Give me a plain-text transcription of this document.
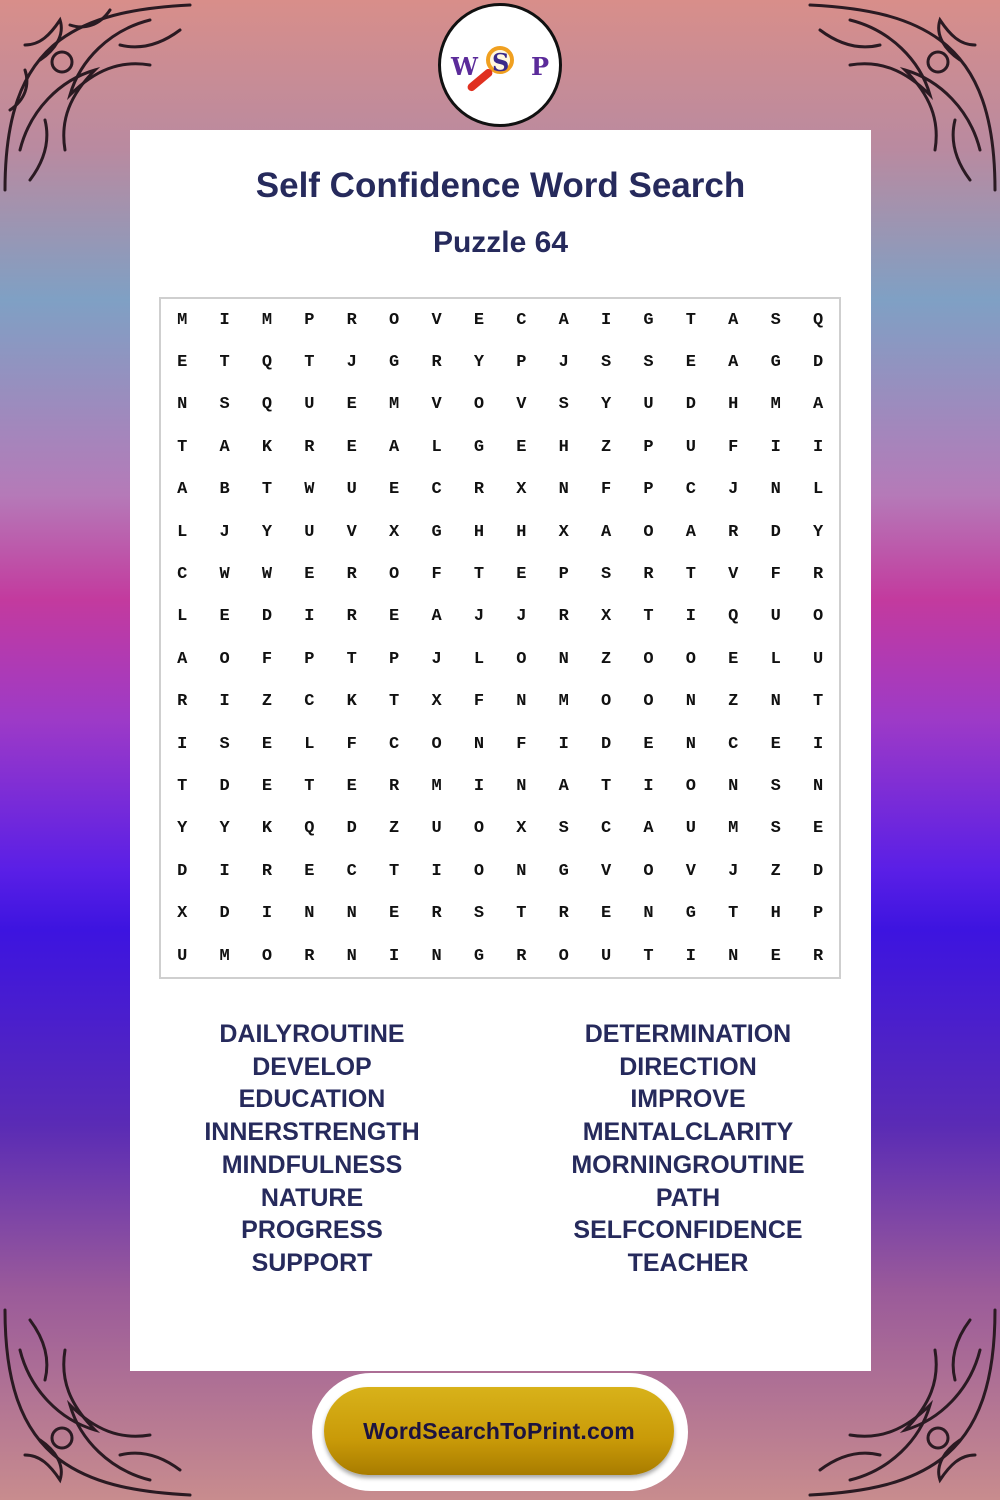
W S P
Self Confidence Word Search
Puzzle 64
M	I	M	P	R	O	V	E	C	A	I	G	T	A	S	Q
E	T	Q	T	J	G	R	Y	P	J	S	S	E	A	G	D
N	S	Q	U	E	M	V	O	V	S	Y	U	D	H	M	A
T	A	K	R	E	A	L	G	E	H	Z	P	U	F	I	I
A	B	T	W	U	E	C	R	X	N	F	P	C	J	N	L
L	J	Y	U	V	X	G	H	H	X	A	O	A	R	D	Y
C	W	W	E	R	O	F	T	E	P	S	R	T	V	F	R
L	E	D	I	R	E	A	J	J	R	X	T	I	Q	U	O
A	O	F	P	T	P	J	L	O	N	Z	O	O	E	L	U
R	I	Z	C	K	T	X	F	N	M	O	O	N	Z	N	T
I	S	E	L	F	C	O	N	F	I	D	E	N	C	E	I
T	D	E	T	E	R	M	I	N	A	T	I	O	N	S	N
Y	Y	K	Q	D	Z	U	O	X	S	C	A	U	M	S	E
D	I	R	E	C	T	I	O	N	G	V	O	V	J	Z	D
X	D	I	N	N	E	R	S	T	R	E	N	G	T	H	P
U	M	O	R	N	I	N	G	R	O	U	T	I	N	E	R
DAILYROUTINE
DEVELOP
EDUCATION
INNERSTRENGTH
MINDFULNESS
NATURE
PROGRESS
SUPPORT
DETERMINATION
DIRECTION
IMPROVE
MENTALCLARITY
MORNINGROUTINE
PATH
SELFCONFIDENCE
TEACHER
WordSearchToPrint.com
